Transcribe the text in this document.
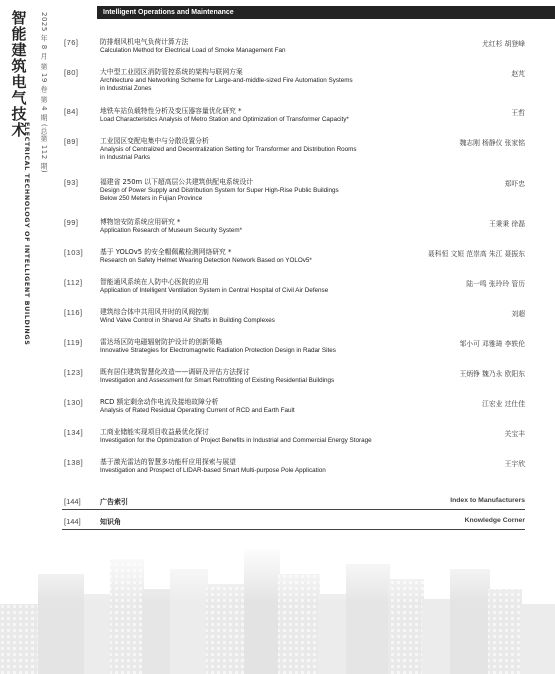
智
能
建
筑
电
气
技
术	2025 年 8 月 第 19 卷 第 4 期 (总第 112 期)
ELECTRICAL TECHNOLOGY OF INTELLIGENT BUILDINGS
Intelligent Operations and Maintenance
[76]	防排烟风机电气负荷计算方法
Calculation Method for Electrical Load of Smoke Management Fan
尤红杉 胡登峰
[80]	大中型工业园区消防管控系统的架构与联网方案
Architecture and Networking Scheme for Large-and-middle-sized Fire Automation Systems
in Industrial Zones
赵芃
[84]	地铁车站负载特性分析及变压器容量优化研究 *
Load Characteristics Analysis of Metro Station and Optimization of Transformer Capacity*
王哲
[89]	工业园区变配电集中与分散设置分析
Analysis of Centralized and Decentralization Setting for Transformer and Distribution Rooms
in Industrial Parks
魏志刚 杨静仪 张家铭
[93]	福建省 250m 以下超高层公共建筑供配电系统设计
Design of Power Supply and Distribution System for Super High-Rise Public Buildings
Below 250 Meters in Fujian Province
郑吓忠
[99]	博物馆安防系统应用研究 *
Application Research of Museum Security System*
王秉秉 徐磊
[103] 基于 YOLOv5 的安全帽佩戴检测网络研究 *
Research on Safety Helmet Wearing Detection Network Based on YOLOv5*
聂科恒 文姮 范崇高 朱江 聂振东
[112]	智能通风系统在人防中心医院的应用
Application of Intelligent Ventilation System in Central Hospital of Civil Air Defense
陆一鸣 张玲玲 管历
[116]	建筑综合体中共用风井时的风阀控制
Wind Valve Control in Shared Air Shafts in Building Complexes
刘超
[119]	雷达场区防电磁辐射防护设计的创新策略
Innovative Strategies for Electromagnetic Radiation Protection Design in Radar Sites
邹小可 邓雅琦 李轶伦
[123] 既有居住建筑智慧化改造——调研及评估方法探讨
Investigation and Assessment for Smart Retrofitting of Existing Residential Buildings
王炳铮 魏乃永 欧阳东
[130] RCD 额定剩余动作电流及接地故障分析
Analysis of Rated Residual Operating Current of RCD and Earth Fault
江宏业 过仕佳
[134] 工商业储能实现项目收益最优化探讨
Investigation for the Optimization of Project Benefits in Industrial and Commercial Energy Storage
关宝丰
[138] 基于激光雷达的智慧多功能杆应用探索与展望
Investigation and Prospect of LIDAR-based Smart Multi-purpose Pole Application
王宇欣
[144]	广告索引	Index to Manufacturers
[144]	知识角	Knowledge Corner
